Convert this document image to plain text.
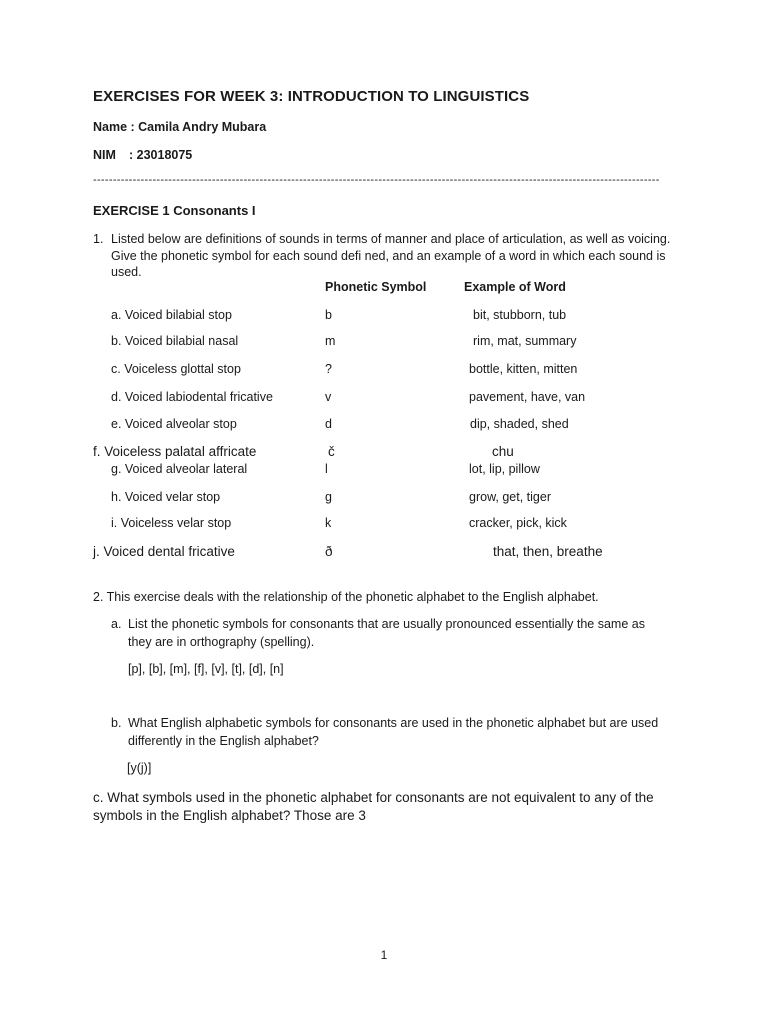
EXERCISES FOR WEEK 3: INTRODUCTION TO LINGUISTICS
Name : Camila Andry Mubara
NIM : 23018075
-----------------------------------------------------------------------------------------------------------------------------------------------
EXERCISE 1 Consonants I
1. Listed below are definitions of sounds in terms of manner and place of articulation, as well as voicing. Give the phonetic symbol for each sound defi ned, and an example of a word in which each sound is used.
Phonetic Symbol	Example of Word
a. Voiced bilabial stop	b	bit, stubborn, tub
b. Voiced bilabial nasal	m	rim, mat, summary
c. Voiceless glottal stop	?	bottle, kitten, mitten
d. Voiced labiodental fricative	v	pavement, have, van
e. Voiced alveolar stop	d	dip, shaded, shed
f. Voiceless palatal affricate	č	chu
g. Voiced alveolar lateral	l	lot, lip, pillow
h. Voiced velar stop	g	grow, get, tiger
i. Voiceless velar stop	k	cracker, pick, kick
j. Voiced dental fricative	ð	that, then, breathe
2. This exercise deals with the relationship of the phonetic alphabet to the English alphabet.
a. List the phonetic symbols for consonants that are usually pronounced essentially the same as they are in orthography (spelling).
[p], [b], [m], [f], [v], [t], [d], [n]
b. What English alphabetic symbols for consonants are used in the phonetic alphabet but are used differently in the English alphabet?
[y(j)]
c. What symbols used in the phonetic alphabet for consonants are not equivalent to any of the symbols in the English alphabet? Those are 3
1
